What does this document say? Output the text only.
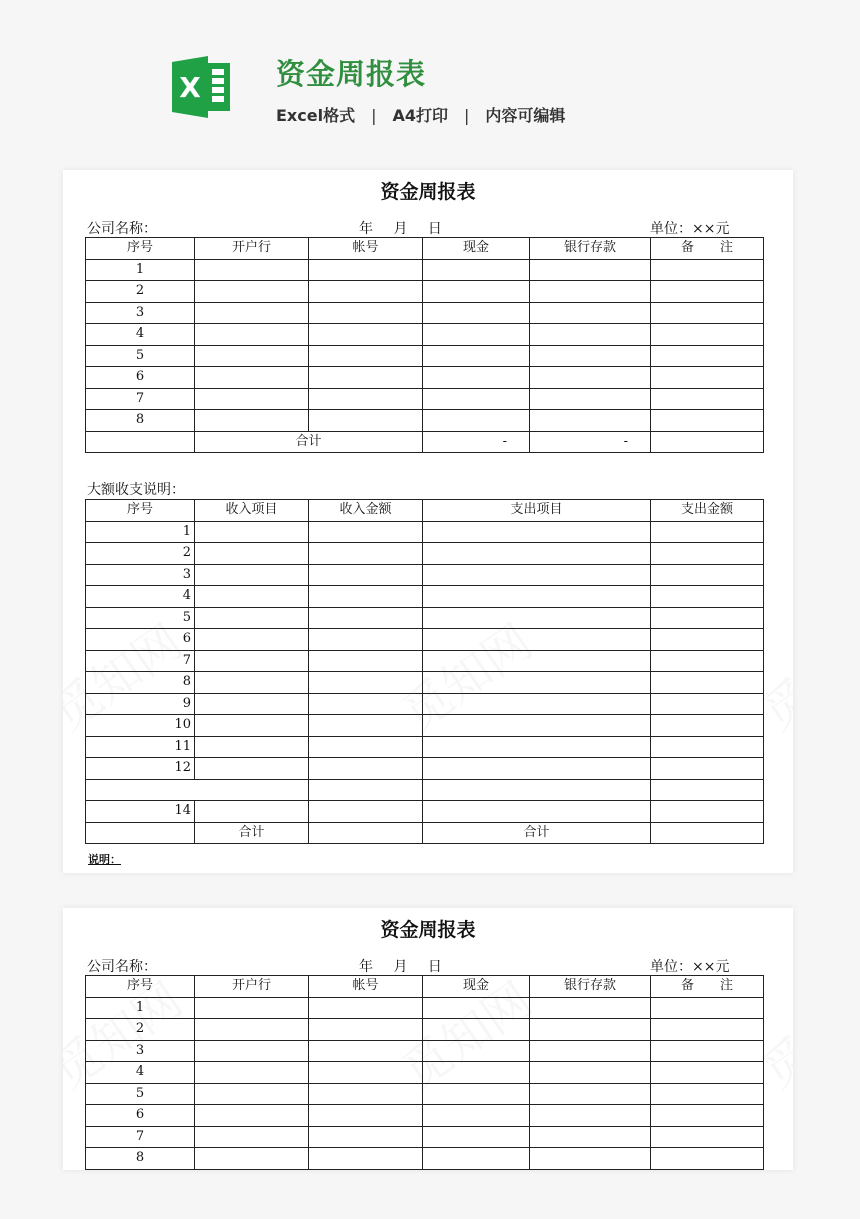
X	资金周报表
Excel格式 | A4打印 | 内容可编辑
资金周报表
公司名称：	年 月 日	单位：××元
序号	开户行	帐号	现金	银行存款	备　　注
1					
2					
3					
4					
5					
6					
7					
8					
	合计		-	-	
大额收支说明：
序号	收入项目	收入金额	支出项目	支出金额
1				
2				
3				
4				
5				
6				
7				
8				
9				
10				
11				
12				

14				
	合计		合计	
说明：
资金周报表
公司名称：	年 月 日	单位：××元
序号	开户行	帐号	现金	银行存款	备　　注
1					
2					
3					
4					
5					
6					
7					
8					
